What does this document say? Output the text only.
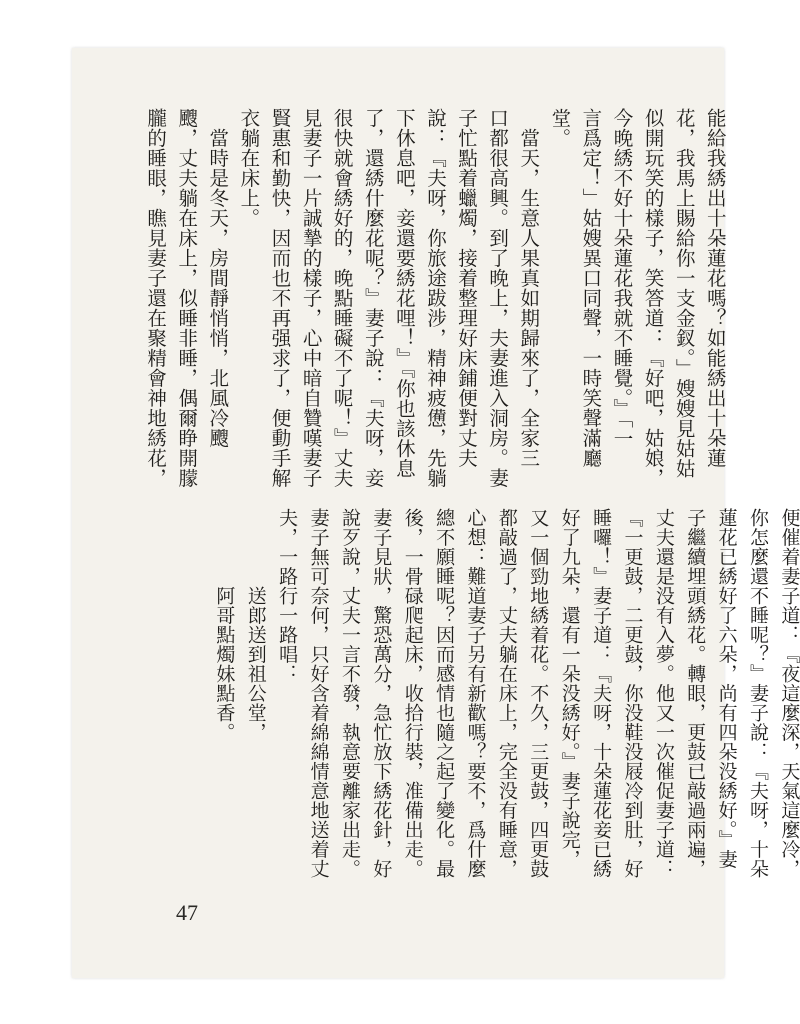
能給我綉出十朵蓮花嗎？如能綉出十朵蓮

花，我馬上賜給你一支金釵。」嫂嫂見姑姑

似開玩笑的樣子，笑答道：『好吧，姑娘，

今晚綉不好十朵蓮花我就不睡覺。』「一

言爲定！」姑嫂異口同聲，一時笑聲滿廳

堂。

　當天，生意人果真如期歸來了，全家三

口都很高興。到了晚上，夫妻進入洞房。妻

子忙點着蠟燭，接着整理好床鋪便對丈夫

說：『夫呀，你旅途跋涉，精神疲憊，先躺

下休息吧，妾還要綉花哩！』『你也該休息

了，還綉什麼花呢？』妻子說：『夫呀，妾

很快就會綉好的，晚點睡礙不了呢！』丈夫

見妻子一片誠摯的樣子，心中暗自贊嘆妻子

賢惠和勤快，因而也不再强求了，便動手解

衣躺在床上。

　當時是冬天，房間靜悄悄，北風冷颼

颼，丈夫躺在床上，似睡非睡，偶爾睁開朦

朧的睡眼，瞧見妻子還在聚精會神地綉花，

便催着妻子道：『夜這麼深，天氣這麼冷，

你怎麼還不睡呢？』妻子說：『夫呀，十朵

蓮花已綉好了六朵，尚有四朵没綉好。』妻

子繼續埋頭綉花。轉眼，更鼓已敲過兩遍，

丈夫還是没有入夢。他又一次催促妻子道：

『一更鼓，二更鼓，你没鞋没屐冷到肚，好

睡囉！』妻子道：『夫呀，十朵蓮花妾已綉

好了九朵，還有一朵没綉好。』妻子說完，

又一個勁地綉着花。不久，三更鼓，四更鼓

都敲過了，丈夫躺在床上，完全没有睡意，

心想：難道妻子另有新歡嗎？要不，爲什麼

總不願睡呢？因而感情也隨之起了變化。最

後，一骨碌爬起床，收拾行裝，准備出走。

妻子見狀，驚恐萬分，急忙放下綉花針，好

說歹說，丈夫一言不發，執意要離家出走。

妻子無可奈何，只好含着綿綿情意地送着丈

夫，一路行一路唱：

　　　　送郎送到祖公堂，

　　　　阿哥點燭妹點香。

47
